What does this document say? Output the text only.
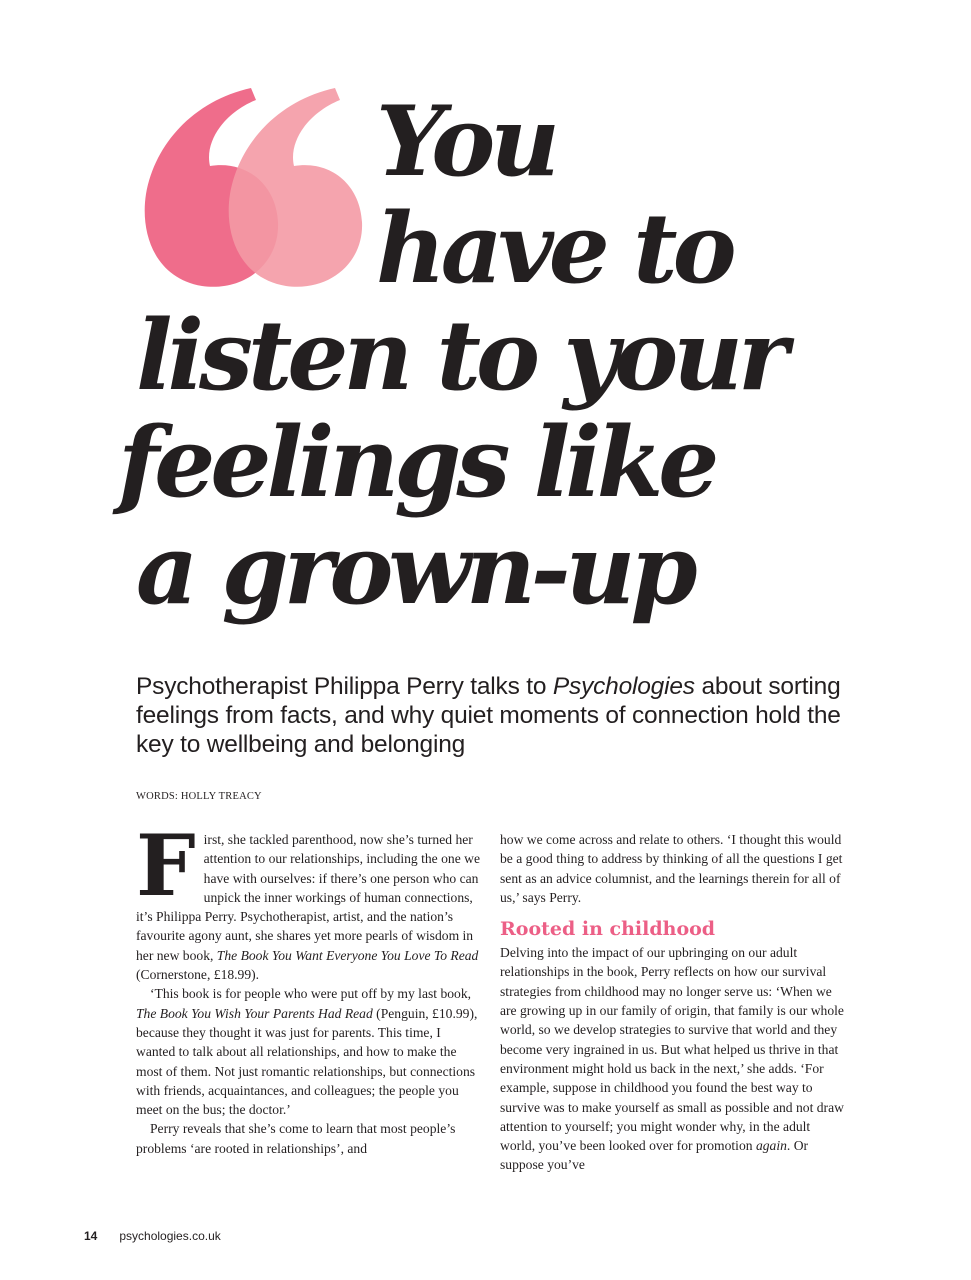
You
have to
listen to your
feelings like
a grown-up

Psychotherapist Philippa Perry talks to Psychologies about sorting feelings from facts, and why quiet moments of connection hold the key to wellbeing and belonging

WORDS: HOLLY TREACY

First, she tackled parenthood, now she’s turned her attention to our relationships, including the one we have with ourselves: if there’s one person who can unpick the inner workings of human connections, it’s Philippa Perry. Psychotherapist, artist, and the nation’s favourite agony aunt, she shares yet more pearls of wisdom in her new book, The Book You Want Everyone You Love To Read (Cornerstone, £18.99).

‘This book is for people who were put off by my last book, The Book You Wish Your Parents Had Read (Penguin, £10.99), because they thought it was just for parents. This time, I wanted to talk about all relationships, and how to make the most of them. Not just romantic relationships, but connections with friends, acquaintances, and colleagues; the people you meet on the bus; the doctor.’

Perry reveals that she’s come to learn that most people’s problems ‘are rooted in relationships’, and

how we come across and relate to others. ‘I thought this would be a good thing to address by thinking of all the questions I get sent as an advice columnist, and the learnings therein for all of us,’ says Perry.

Rooted in childhood

Delving into the impact of our upbringing on our adult relationships in the book, Perry reflects on how our survival strategies from childhood may no longer serve us: ‘When we are growing up in our family of origin, that family is our whole world, so we develop strategies to survive that world and they become very ingrained in us. But what helped us thrive in that environment might hold us back in the next,’ she adds. ‘For example, suppose in childhood you found the best way to survive was to make yourself as small as possible and not draw attention to yourself; you might wonder why, in the adult world, you’ve been looked over for promotion again. Or suppose you’ve

14 psychologies.co.uk
